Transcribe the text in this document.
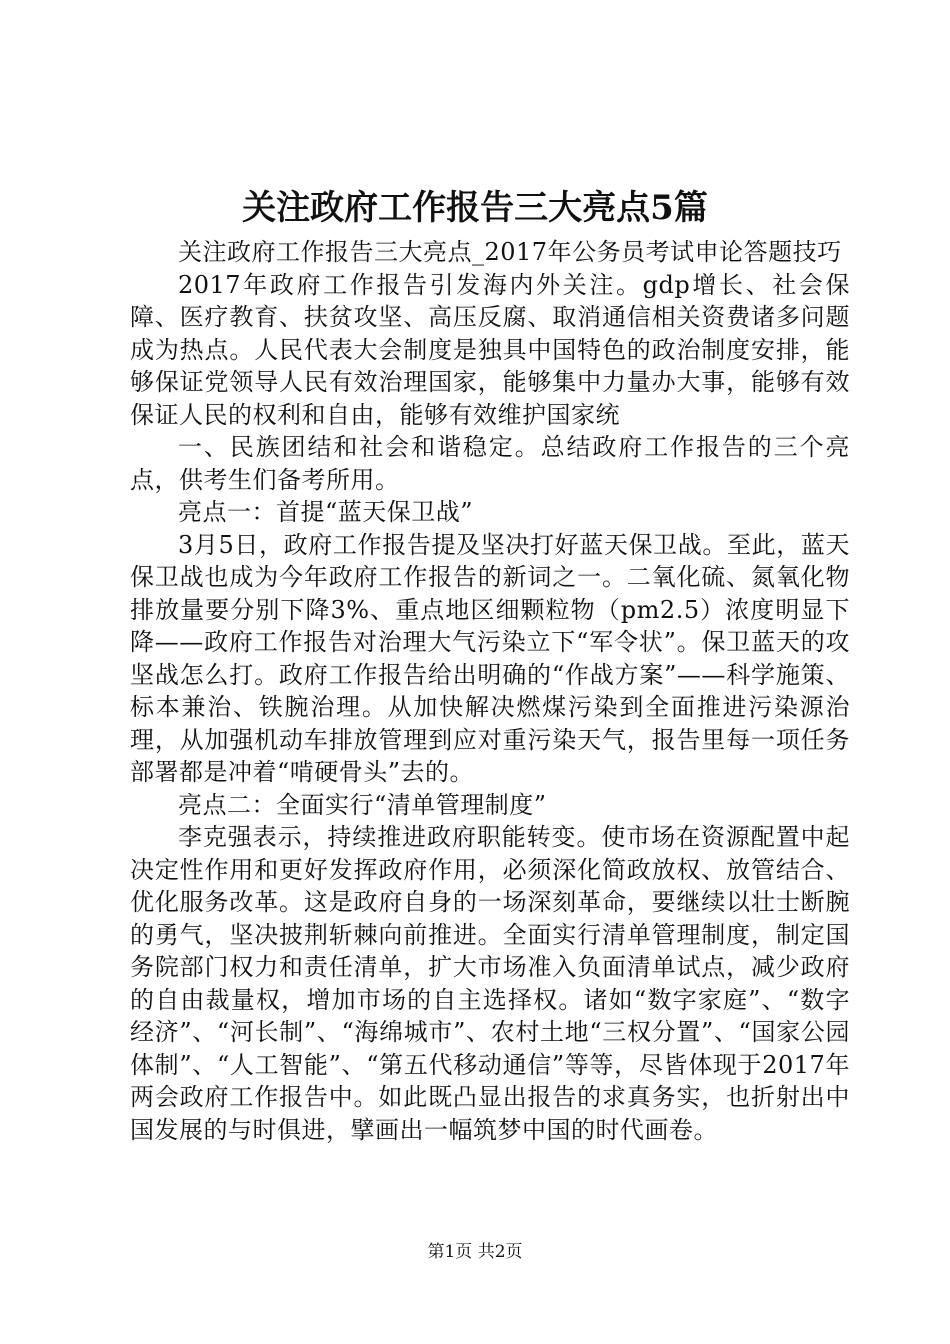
关注政府工作报告三大亮点5篇

关注政府工作报告三大亮点_2017年公务员考试申论答题技巧

2017年政府工作报告引发海内外关注。gdp增长、社会保障、医疗教育、扶贫攻坚、高压反腐、取消通信相关资费诸多问题成为热点。人民代表大会制度是独具中国特色的政治制度安排，能够保证党领导人民有效治理国家，能够集中力量办大事，能够有效保证人民的权利和自由，能够有效维护国家统

一、民族团结和社会和谐稳定。总结政府工作报告的三个亮点，供考生们备考所用。

亮点一：首提“蓝天保卫战”

3月5日，政府工作报告提及坚决打好蓝天保卫战。至此，蓝天保卫战也成为今年政府工作报告的新词之一。二氧化硫、氮氧化物排放量要分别下降3%、重点地区细颗粒物（pm2.5）浓度明显下降——政府工作报告对治理大气污染立下“军令状”。保卫蓝天的攻坚战怎么打。政府工作报告给出明确的“作战方案”——科学施策、标本兼治、铁腕治理。从加快解决燃煤污染到全面推进污染源治理，从加强机动车排放管理到应对重污染天气，报告里每一项任务部署都是冲着“啃硬骨头”去的。

亮点二：全面实行“清单管理制度”

李克强表示，持续推进政府职能转变。使市场在资源配置中起决定性作用和更好发挥政府作用，必须深化简政放权、放管结合、优化服务改革。这是政府自身的一场深刻革命，要继续以壮士断腕的勇气，坚决披荆斩棘向前推进。全面实行清单管理制度，制定国务院部门权力和责任清单，扩大市场准入负面清单试点，减少政府的自由裁量权，增加市场的自主选择权。诸如“数字家庭”、“数字经济”、“河长制”、“海绵城市”、农村土地“三权分置”、“国家公园体制”、“人工智能”、“第五代移动通信”等等，尽皆体现于2017年两会政府工作报告中。如此既凸显出报告的求真务实，也折射出中国发展的与时俱进，擘画出一幅筑梦中国的时代画卷。

第1页 共2页
